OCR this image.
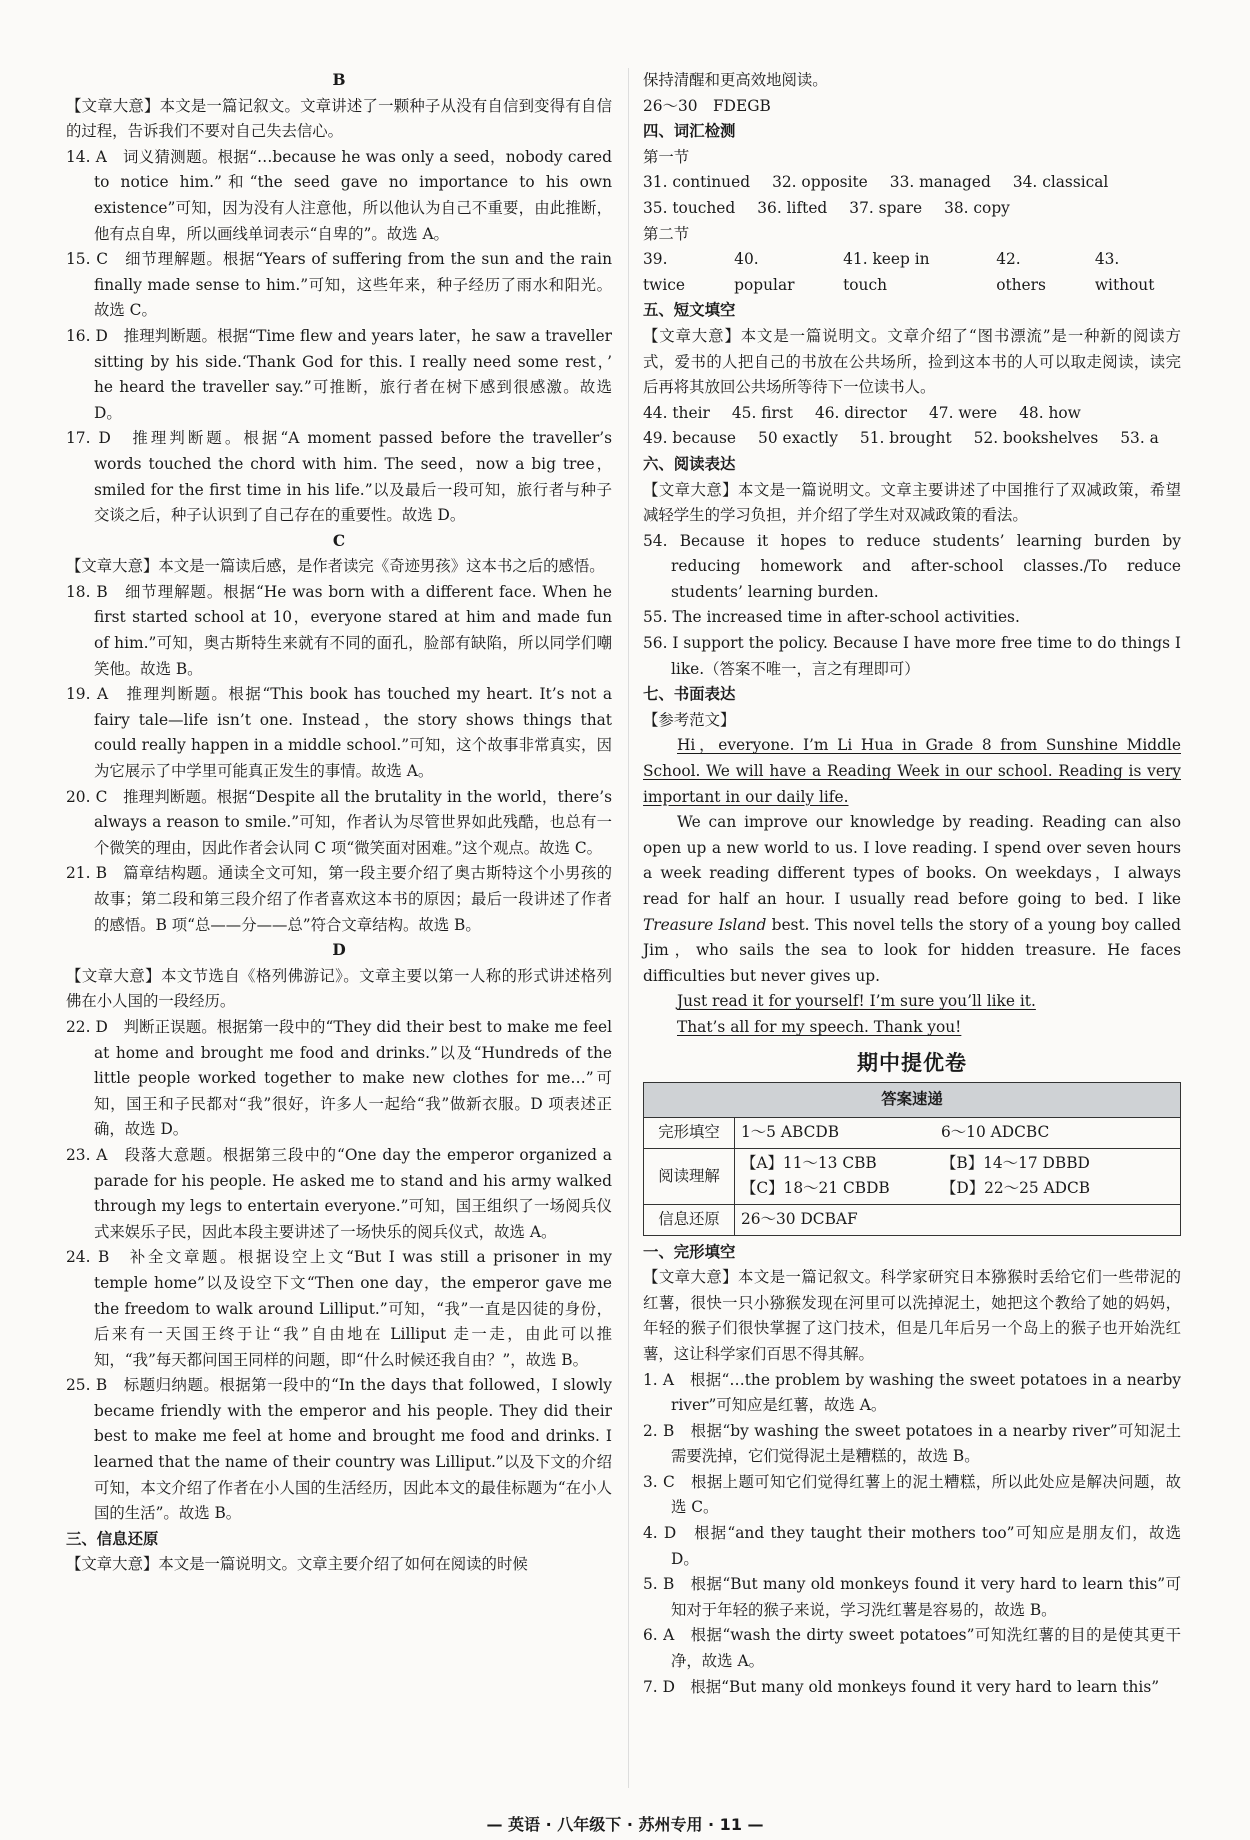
B

【文章大意】本文是一篇记叙文。文章讲述了一颗种子从没有自信到变得有自信的过程，告诉我们不要对自己失去信心。

14. A　词义猜测题。根据“…because he was only a seed，nobody cared to notice him.”和“the seed gave no importance to his own existence”可知，因为没有人注意他，所以他认为自己不重要，由此推断，他有点自卑，所以画线单词表示“自卑的”。故选 A。

15. C　细节理解题。根据“Years of suffering from the sun and the rain finally made sense to him.”可知，这些年来，种子经历了雨水和阳光。故选 C。

16. D　推理判断题。根据“Time flew and years later，he saw a traveller sitting by his side.‘Thank God for this. I really need some rest，’ he heard the traveller say.”可推断，旅行者在树下感到很感激。故选 D。

17. D　推理判断题。根据“A moment passed before the traveller’s words touched the chord with him. The seed，now a big tree，smiled for the first time in his life.”以及最后一段可知，旅行者与种子交谈之后，种子认识到了自己存在的重要性。故选 D。

C

【文章大意】本文是一篇读后感，是作者读完《奇迹男孩》这本书之后的感悟。

18. B　细节理解题。根据“He was born with a different face. When he first started school at 10，everyone stared at him and made fun of him.”可知，奥古斯特生来就有不同的面孔，脸部有缺陷，所以同学们嘲笑他。故选 B。

19. A　推理判断题。根据“This book has touched my heart. It’s not a fairy tale—life isn’t one. Instead，the story shows things that could really happen in a middle school.”可知，这个故事非常真实，因为它展示了中学里可能真正发生的事情。故选 A。

20. C　推理判断题。根据“Despite all the brutality in the world，there’s always a reason to smile.”可知，作者认为尽管世界如此残酷，也总有一个微笑的理由，因此作者会认同 C 项“微笑面对困难。”这个观点。故选 C。

21. B　篇章结构题。通读全文可知，第一段主要介绍了奥古斯特这个小男孩的故事；第二段和第三段介绍了作者喜欢这本书的原因；最后一段讲述了作者的感悟。B 项“总——分——总”符合文章结构。故选 B。

D

【文章大意】本文节选自《格列佛游记》。文章主要以第一人称的形式讲述格列佛在小人国的一段经历。

22. D　判断正误题。根据第一段中的“They did their best to make me feel at home and brought me food and drinks.”以及“Hundreds of the little people worked together to make new clothes for me…”可知，国王和子民都对“我”很好，许多人一起给“我”做新衣服。D 项表述正确，故选 D。

23. A　段落大意题。根据第三段中的“One day the emperor organized a parade for his people. He asked me to stand and his army walked through my legs to entertain everyone.”可知，国王组织了一场阅兵仪式来娱乐子民，因此本段主要讲述了一场快乐的阅兵仪式，故选 A。

24. B　补全文章题。根据设空上文“But I was still a prisoner in my temple home”以及设空下文“Then one day，the emperor gave me the freedom to walk around Lilliput.”可知，“我”一直是囚徒的身份，后来有一天国王终于让“我”自由地在 Lilliput 走一走，由此可以推知，“我”每天都问国王同样的问题，即“什么时候还我自由？”，故选 B。

25. B　标题归纳题。根据第一段中的“In the days that followed，I slowly became friendly with the emperor and his people. They did their best to make me feel at home and brought me food and drinks. I learned that the name of their country was Lilliput.”以及下文的介绍可知，本文介绍了作者在小人国的生活经历，因此本文的最佳标题为“在小人国的生活”。故选 B。

三、信息还原

【文章大意】本文是一篇说明文。文章主要介绍了如何在阅读的时候

保持清醒和更高效地阅读。

26～30　FDEGB

四、词汇检测

第一节

31. continued 32. opposite 33. managed 34. classical
35. touched 36. lifted 37. spare 38. copy

第二节

39. twice
40. popular
41. keep in touch
42. others
43. without

五、短文填空

【文章大意】本文是一篇说明文。文章介绍了“图书漂流”是一种新的阅读方式，爱书的人把自己的书放在公共场所，捡到这本书的人可以取走阅读，读完后再将其放回公共场所等待下一位读书人。

44. their 45. first 46. director 47. were 48. how
49. because 50 exactly 51. brought 52. bookshelves 53. a

六、阅读表达

【文章大意】本文是一篇说明文。文章主要讲述了中国推行了双减政策，希望减轻学生的学习负担，并介绍了学生对双减政策的看法。

54. Because it hopes to reduce students’ learning burden by reducing homework and after-school classes./To reduce students’ learning burden.

55. The increased time in after-school activities.

56. I support the policy. Because I have more free time to do things I like.（答案不唯一，言之有理即可）

七、书面表达

【参考范文】

Hi，everyone. I’m Li Hua in Grade 8 from Sunshine Middle School. We will have a Reading Week in our school. Reading is very important in our daily life.

We can improve our knowledge by reading. Reading can also open up a new world to us. I love reading. I spend over seven hours a week reading different types of books. On weekdays，I always read for half an hour. I usually read before going to bed. I like Treasure Island best. This novel tells the story of a young boy called Jim，who sails the sea to look for hidden treasure. He faces difficulties but never gives up.

Just read it for yourself! I’m sure you’ll like it.

That’s all for my speech. Thank you!

期中提优卷
答案速递	
完形填空	1～5 ABCDB 6～10 ADCBC

阅读理解	【A】11～13 CBB 【B】14～17 DBBD
【C】18～21 CBDB 【D】22～25 ADCB

信息还原	26～30 DCBAF

一、完形填空

【文章大意】本文是一篇记叙文。科学家研究日本猕猴时丢给它们一些带泥的红薯，很快一只小猕猴发现在河里可以洗掉泥土，她把这个教给了她的妈妈，年轻的猴子们很快掌握了这门技术，但是几年后另一个岛上的猴子也开始洗红薯，这让科学家们百思不得其解。

1. A　根据“…the problem by washing the sweet potatoes in a nearby river”可知应是红薯，故选 A。

2. B　根据“by washing the sweet potatoes in a nearby river”可知泥土需要洗掉，它们觉得泥土是糟糕的，故选 B。

3. C　根据上题可知它们觉得红薯上的泥土糟糕，所以此处应是解决问题，故选 C。

4. D　根据“and they taught their mothers too”可知应是朋友们，故选 D。

5. B　根据“But many old monkeys found it very hard to learn this”可知对于年轻的猴子来说，学习洗红薯是容易的，故选 B。

6. A　根据“wash the dirty sweet potatoes”可知洗红薯的目的是使其更干净，故选 A。

7. D　根据“But many old monkeys found it very hard to learn this”

— 英语 · 八年级下 · 苏州专用 · 11 —
